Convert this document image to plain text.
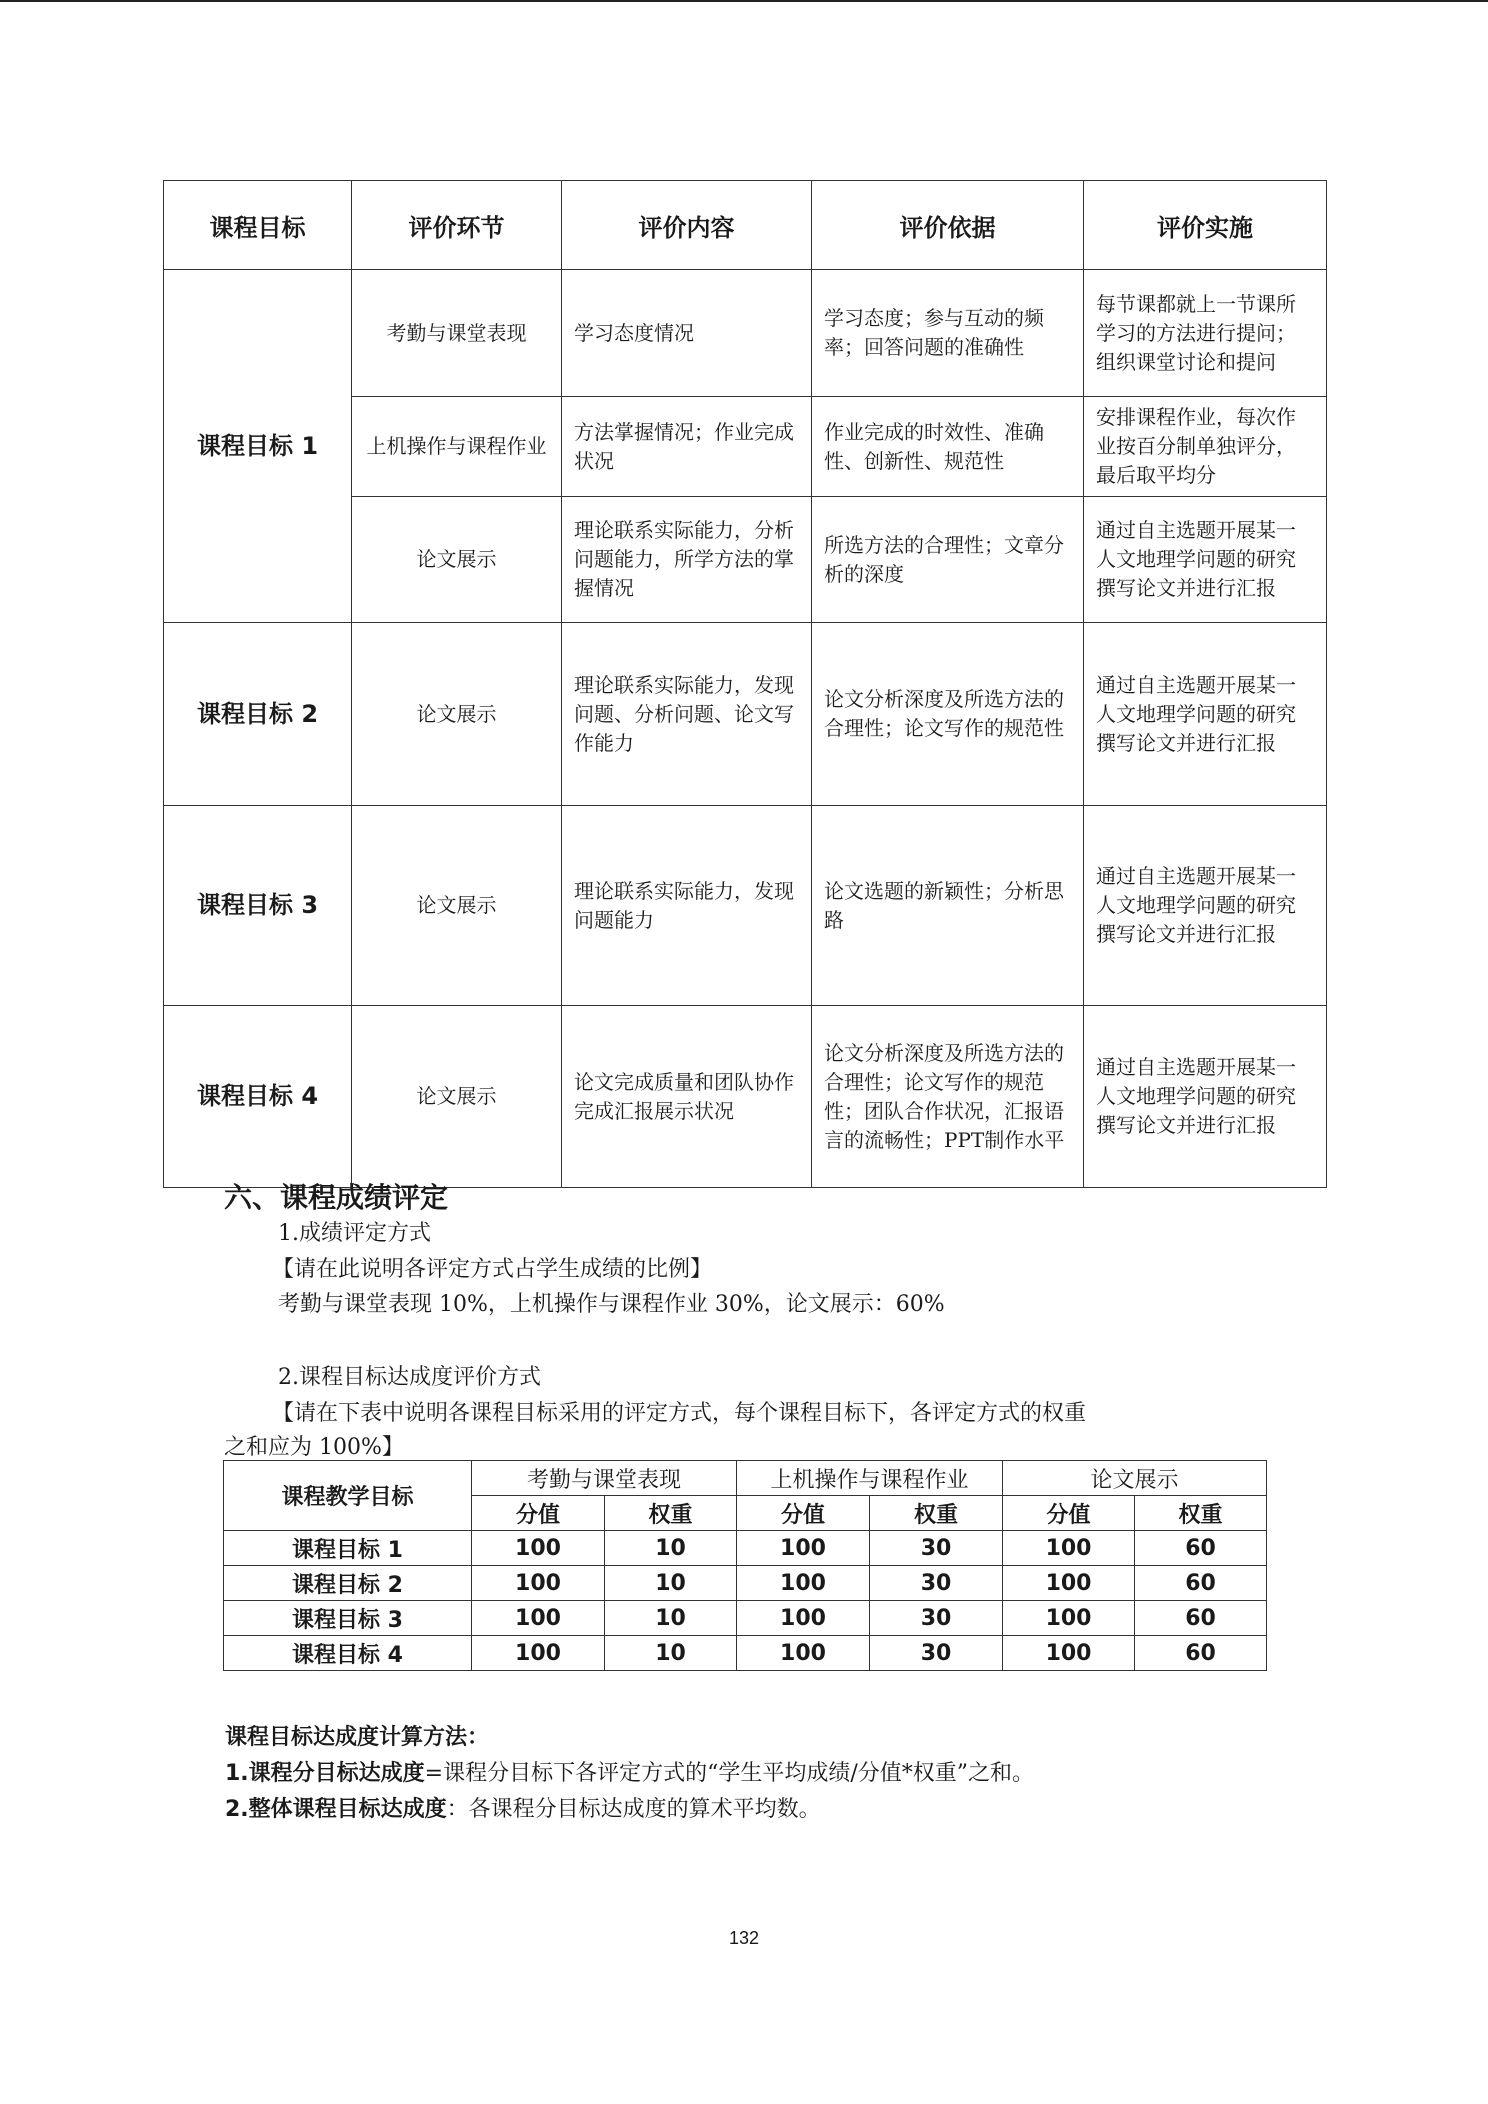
课程目标	评价环节	评价内容	评价依据	评价实施
课程目标 1	考勤与课堂表现	学习态度情况	学习态度；参与互动的频率；回答问题的准确性	每节课都就上一节课所学习的方法进行提问；组织课堂讨论和提问
	上机操作与课程作业	方法掌握情况；作业完成状况	作业完成的时效性、准确性、创新性、规范性	安排课程作业，每次作业按百分制单独评分，最后取平均分
	论文展示	理论联系实际能力，分析问题能力，所学方法的掌握情况	所选方法的合理性；文章分析的深度	通过自主选题开展某一人文地理学问题的研究撰写论文并进行汇报
课程目标 2	论文展示	理论联系实际能力，发现问题、分析问题、论文写作能力	论文分析深度及所选方法的合理性；论文写作的规范性	通过自主选题开展某一人文地理学问题的研究撰写论文并进行汇报
课程目标 3	论文展示	理论联系实际能力，发现问题能力	论文选题的新颖性；分析思路	通过自主选题开展某一人文地理学问题的研究撰写论文并进行汇报
课程目标 4	论文展示	论文完成质量和团队协作完成汇报展示状况	论文分析深度及所选方法的合理性；论文写作的规范性；团队合作状况，汇报语言的流畅性；PPT制作水平	通过自主选题开展某一人文地理学问题的研究撰写论文并进行汇报
六、课程成绩评定
1.成绩评定方式
【请在此说明各评定方式占学生成绩的比例】
考勤与课堂表现 10%，上机操作与课程作业 30%，论文展示：60%
2.课程目标达成度评价方式
【请在下表中说明各课程目标采用的评定方式，每个课程目标下，各评定方式的权重
之和应为 100%】
课程教学目标	考勤与课堂表现		上机操作与课程作业		论文展示	
	分值	权重	分值	权重	分值	权重
课程目标 1	100	10	100	30	100	60
课程目标 2	100	10	100	30	100	60
课程目标 3	100	10	100	30	100	60
课程目标 4	100	10	100	30	100	60
课程目标达成度计算方法：
1.课程分目标达成度=课程分目标下各评定方式的“学生平均成绩/分值*权重”之和。
2.整体课程目标达成度：各课程分目标达成度的算术平均数。
132
